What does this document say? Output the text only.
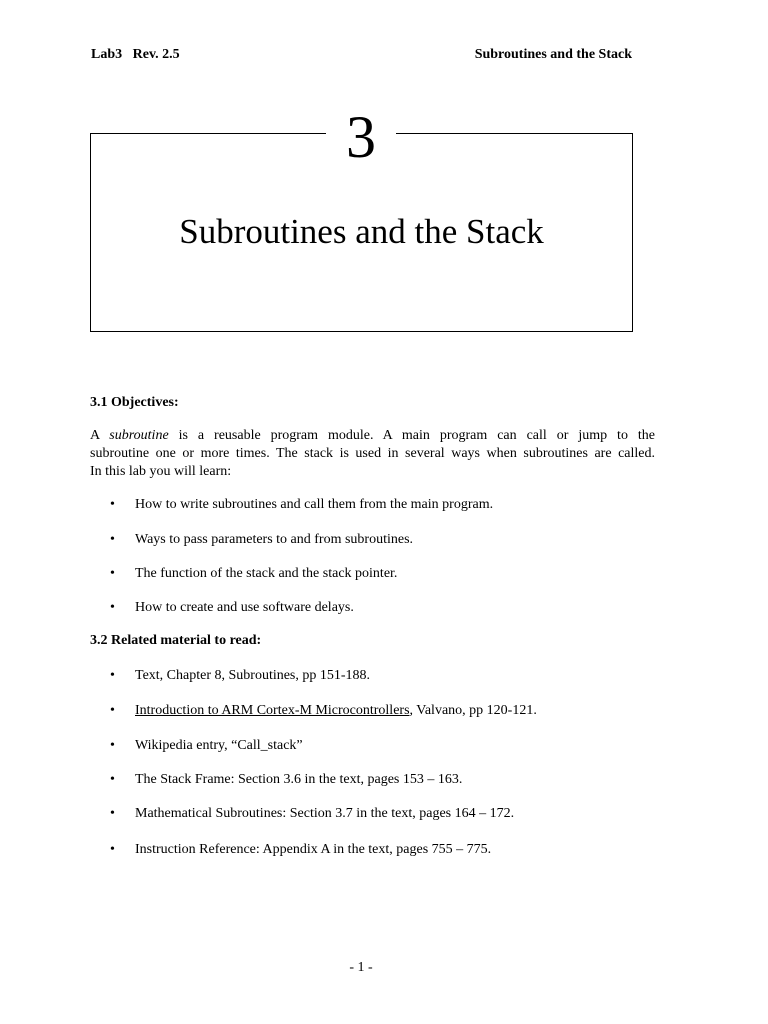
Lab3   Rev. 2.5	Subroutines and the Stack
3
Subroutines and the Stack
3.1 Objectives:
A subroutine is a reusable program module. A main program can call or jump to the
subroutine one or more times. The stack is used in several ways when subroutines are called.
In this lab you will learn:
• How to write subroutines and call them from the main program.
• Ways to pass parameters to and from subroutines.
• The function of the stack and the stack pointer.
• How to create and use software delays.
3.2 Related material to read:
• Text, Chapter 8, Subroutines, pp 151-188.
• Introduction to ARM Cortex-M Microcontrollers, Valvano, pp 120-121.
• Wikipedia entry, “Call_stack”
• The Stack Frame: Section 3.6 in the text, pages 153 – 163.
• Mathematical Subroutines: Section 3.7 in the text, pages 164 – 172.
• Instruction Reference: Appendix A in the text, pages 755 – 775.
- 1 -
